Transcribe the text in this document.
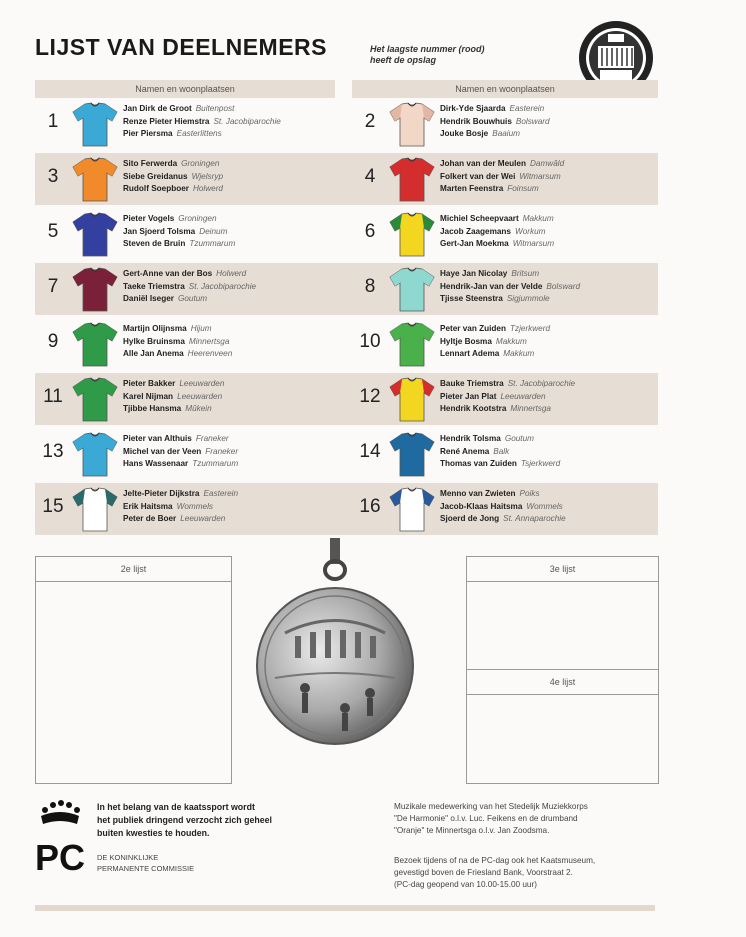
LIJST VAN DEELNEMERS	Het laagste nummer (rood)
heeft de opslag
Namen en woonplaatsen	Namen en woonplaatsen
1
Jan Dirk de Groot Buitenpost
Renze Pieter Hiemstra St. Jacobiparochie
Pier Piersma Easterlittens
2
Dirk-Yde Sjaarda Easterein
Hendrik Bouwhuis Bolsward
Jouke Bosje Baaium
3
Sito Ferwerda Groningen
Siebe Greidanus Wjelsryp
Rudolf Soepboer Holwerd
4
Johan van der Meulen Damwâld
Folkert van der Wei Witmarsum
Marten Feenstra Foinsum
5
Pieter Vogels Groningen
Jan Sjoerd Tolsma Deinum
Steven de Bruin Tzummarum
6
Michiel Scheepvaart Makkum
Jacob Zaagemans Workum
Gert-Jan Moekma Witmarsum
7
Gert-Anne van der Bos Holwerd
Taeke Triemstra St. Jacobiparochie
Daniël Iseger Goutum
8
Haye Jan Nicolay Britsum
Hendrik-Jan van der Velde Bolsward
Tjisse Steenstra Sigjummole
9
Martijn Olijnsma Hijum
Hylke Bruinsma Minnertsga
Alle Jan Anema Heerenveen
10
Peter van Zuiden Tzjerkwerd
Hyltje Bosma Makkum
Lennart Adema Makkum
11
Pieter Bakker Leeuwarden
Karel Nijman Leeuwarden
Tjibbe Hansma Mûkein
12
Bauke Triemstra St. Jacobiparochie
Pieter Jan Plat Leeuwarden
Hendrik Kootstra Minnertsga
13
Pieter van Althuis Franeker
Michel van der Veen Franeker
Hans Wassenaar Tzummarum
14
Hendrik Tolsma Goutum
René Anema Balk
Thomas van Zuiden Tsjerkwerd
15
Jelte-Pieter Dijkstra Easterein
Erik Haitsma Wommels
Peter de Boer Leeuwarden
16
Menno van Zwieten Poiks
Jacob-Klaas Haitsma Wommels
Sjoerd de Jong St. Annaparochie
2e lijst	3e lijst
4e lijst
PC
In het belang van de kaatssport wordt
het publiek dringend verzocht zich geheel
buiten kwesties te houden.
DE KONINKLIJKE
PERMANENTE COMMISSIE
Muzikale medewerking van het Stedelijk Muziekkorps
"De Harmonie" o.l.v. Luc. Feikens en de drumband
"Oranje" te Minnertsga o.l.v. Jan Zoodsma.
Bezoek tijdens of na de PC-dag ook het Kaatsmuseum,
gevestigd boven de Friesland Bank, Voorstraat 2.
(PC-dag geopend van 10.00-15.00 uur)
